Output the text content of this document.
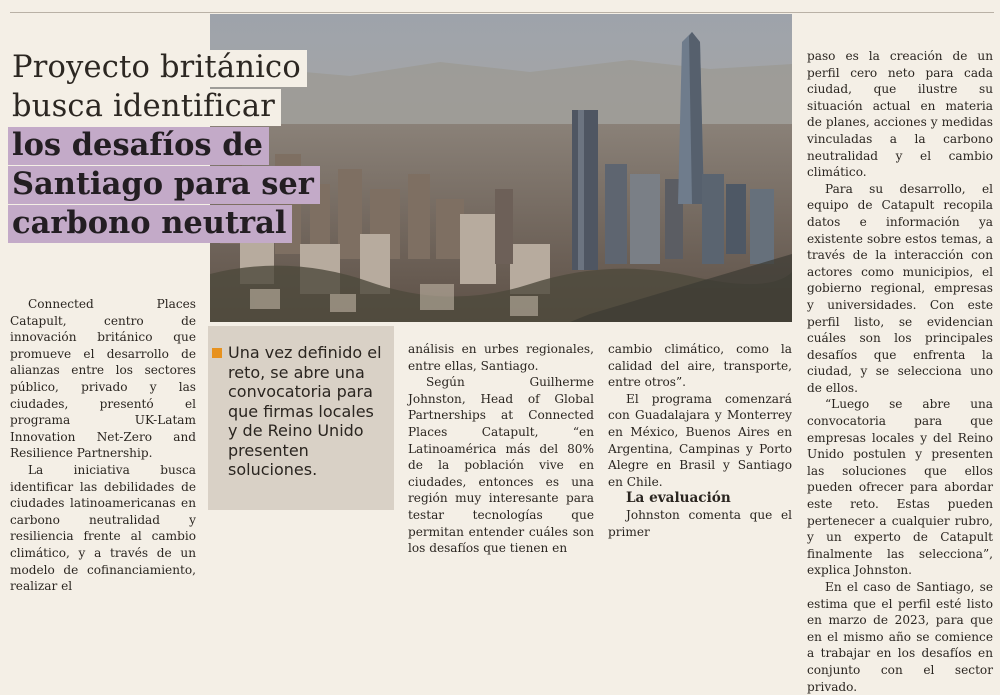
Proyecto británico
busca identificar
los desafíos de
Santiago para ser
carbono neutral

Connected Places Catapult, centro de innovación británico que promueve el desarrollo de alianzas entre los sectores público, privado y las ciudades, presentó el programa UK-Latam Innovation Net-Zero and Resilience Partnership.

La iniciativa busca identificar las debilidades de ciudades latinoamericanas en carbono neutralidad y resiliencia frente al cambio climático, y a través de un modelo de cofinanciamiento, realizar el

Una vez definido el reto, se abre una convocatoria para que firmas locales y de Reino Unido presenten soluciones.

análisis en urbes regionales, entre ellas, Santiago.

Según Guilherme Johnston, Head of Global Partnerships at Connected Places Catapult, “en Latinoamérica más del 80% de la población vive en ciudades, entonces es una región muy interesante para testar tecnologías que permitan entender cuáles son los desafíos que tienen en

cambio climático, como la calidad del aire, transporte, entre otros”.

El programa comenzará con Guadalajara y Monterrey en México, Buenos Aires en Argentina, Campinas y Porto Alegre en Brasil y Santiago en Chile.

La evaluación

Johnston comenta que el primer

paso es la creación de un perfil cero neto para cada ciudad, que ilustre su situación actual en materia de planes, acciones y medidas vinculadas a la carbono neutralidad y el cambio climático.

Para su desarrollo, el equipo de Catapult recopila datos e información ya existente sobre estos temas, a través de la interacción con actores como municipios, el gobierno regional, empresas y universidades. Con este perfil listo, se evidencian cuáles son los principales desafíos que enfrenta la ciudad, y se selecciona uno de ellos.

“Luego se abre una convocatoria para que empresas locales y del Reino Unido postulen y presenten las soluciones que ellos pueden ofrecer para abordar este reto. Estas pueden pertenecer a cualquier rubro, y un experto de Catapult finalmente las selecciona”, explica Johnston.

En el caso de Santiago, se estima que el perfil esté listo en marzo de 2023, para que en el mismo año se comience a trabajar en los desafíos en conjunto con el sector privado.
